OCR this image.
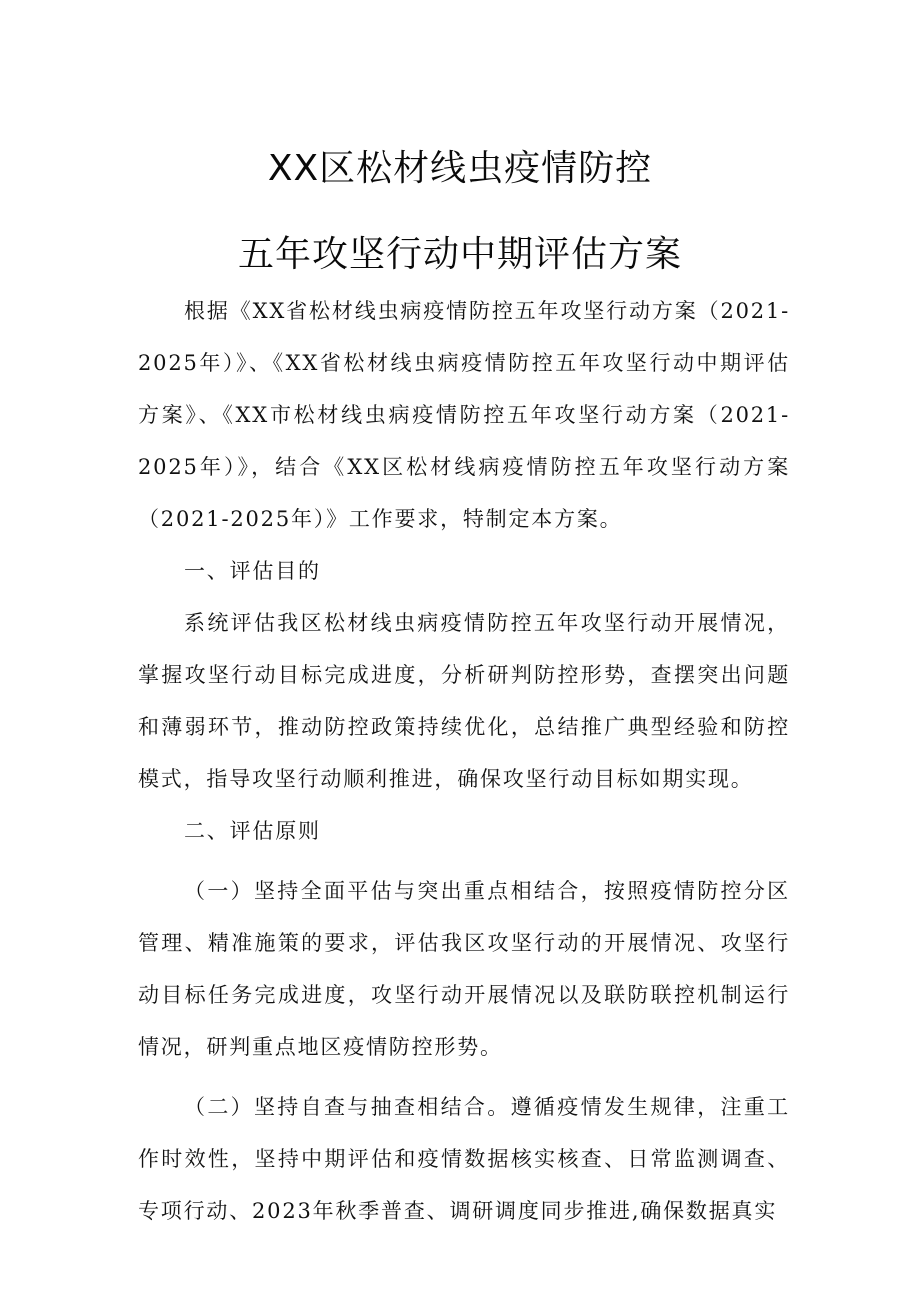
XX区松材线虫疫情防控
五年攻坚行动中期评估方案

根据《XX省松材线虫病疫情防控五年攻坚行动方案（2021-2025年）》、《XX省松材线虫病疫情防控五年攻坚行动中期评估方案》、《XX市松材线虫病疫情防控五年攻坚行动方案（2021-2025年）》，结合《XX区松材线病疫情防控五年攻坚行动方案（2021-2025年）》工作要求，特制定本方案。

一、评估目的

系统评估我区松材线虫病疫情防控五年攻坚行动开展情况，掌握攻坚行动目标完成进度，分析研判防控形势，查摆突出问题和薄弱环节，推动防控政策持续优化，总结推广典型经验和防控模式，指导攻坚行动顺利推进，确保攻坚行动目标如期实现。

二、评估原则

（一）坚持全面平估与突出重点相结合，按照疫情防控分区管理、精准施策的要求，评估我区攻坚行动的开展情况、攻坚行动目标任务完成进度，攻坚行动开展情况以及联防联控机制运行情况，研判重点地区疫情防控形势。

（二）坚持自查与抽查相结合。遵循疫情发生规律，注重工作时效性，坚持中期评估和疫情数据核实核查、日常监测调查、专项行动、2023年秋季普查、调研调度同步推进,确保数据真实
